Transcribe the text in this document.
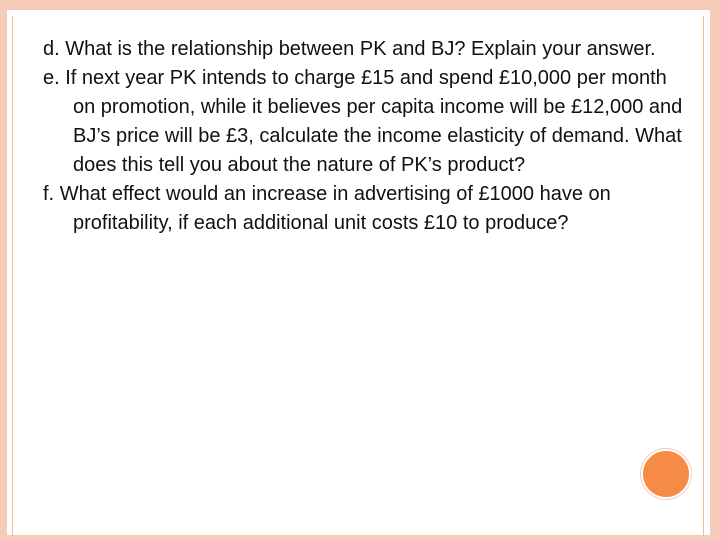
d. What is the relationship between PK and BJ? Explain your answer.

e. If next year PK intends to charge £15 and spend £10,000 per month on promotion, while it believes per capita income will be £12,000 and BJ’s price will be £3, calculate the income elasticity of demand. What does this tell you about the nature of PK’s product?

f. What effect would an increase in advertising of £1000 have on profitability, if each additional unit costs £10 to produce?
